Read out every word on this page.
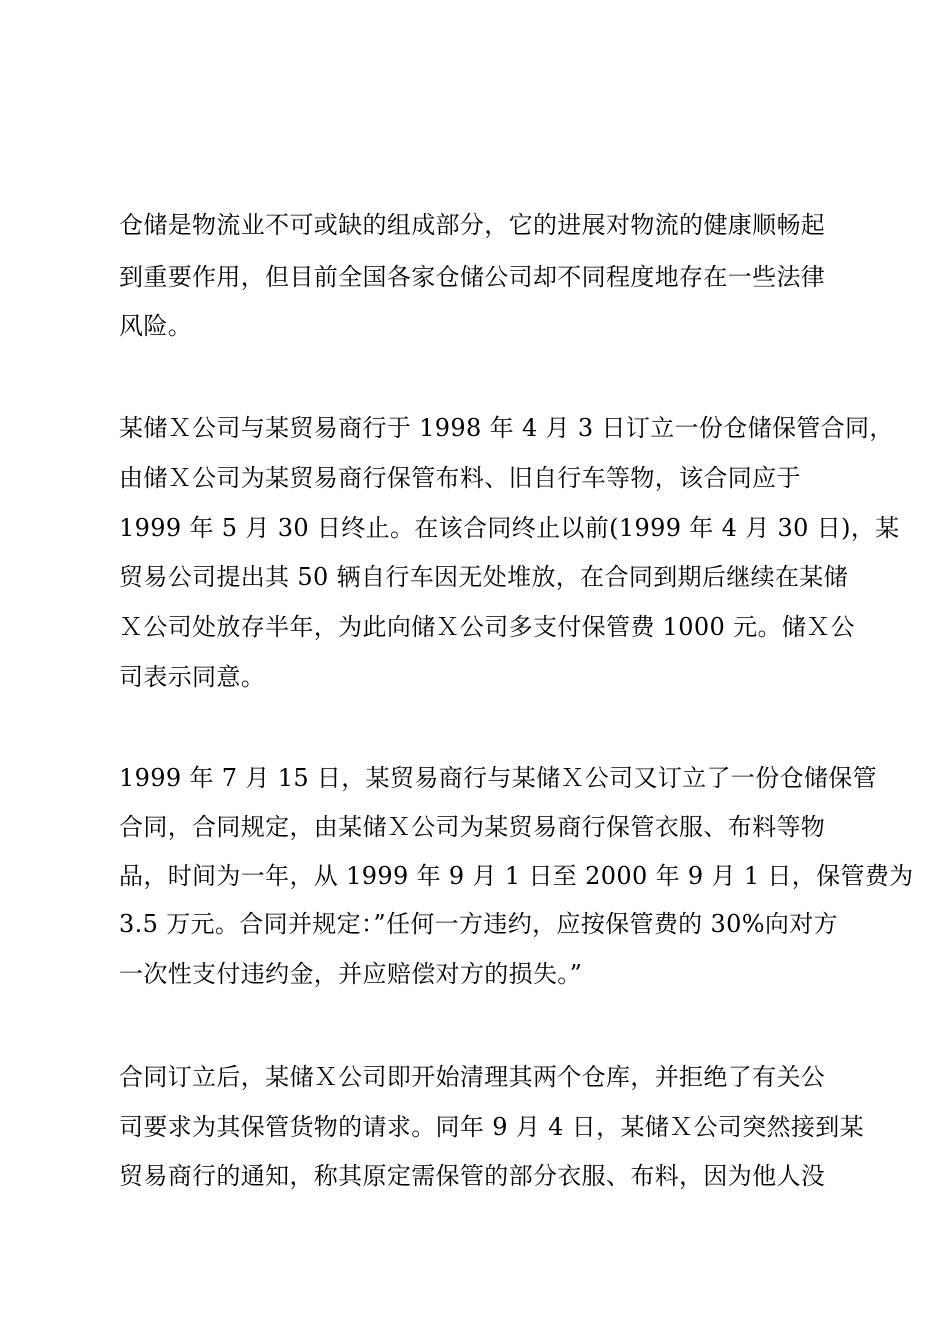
仓储是物流业不可或缺的组成部分，它的进展对物流的健康顺畅起
到重要作用，但目前全国各家仓储公司却不同程度地存在一些法律
风险。
某储Ｘ公司与某贸易商行于 1998 年 4 月 3 日订立一份仓储保管合同，
由储Ｘ公司为某贸易商行保管布料、旧自行车等物，该合同应于
1999 年 5 月 30 日终止。在该合同终止以前(1999 年 4 月 30 日)，某
贸易公司提出其 50 辆自行车因无处堆放，在合同到期后继续在某储
Ｘ公司处放存半年，为此向储Ｘ公司多支付保管费 1000 元。储Ｘ公
司表示同意。
1999 年 7 月 15 日，某贸易商行与某储Ｘ公司又订立了一份仓储保管
合同，合同规定，由某储Ｘ公司为某贸易商行保管衣服、布料等物
品，时间为一年，从 1999 年 9 月 1 日至 2000 年 9 月 1 日，保管费为
3.5 万元。合同并规定：”任何一方违约，应按保管费的 30%向对方
一次性支付违约金，并应赔偿对方的损失。”
合同订立后，某储Ｘ公司即开始清理其两个仓库，并拒绝了有关公
司要求为其保管货物的请求。同年 9 月 4 日，某储Ｘ公司突然接到某
贸易商行的通知，称其原定需保管的部分衣服、布料，因为他人没
